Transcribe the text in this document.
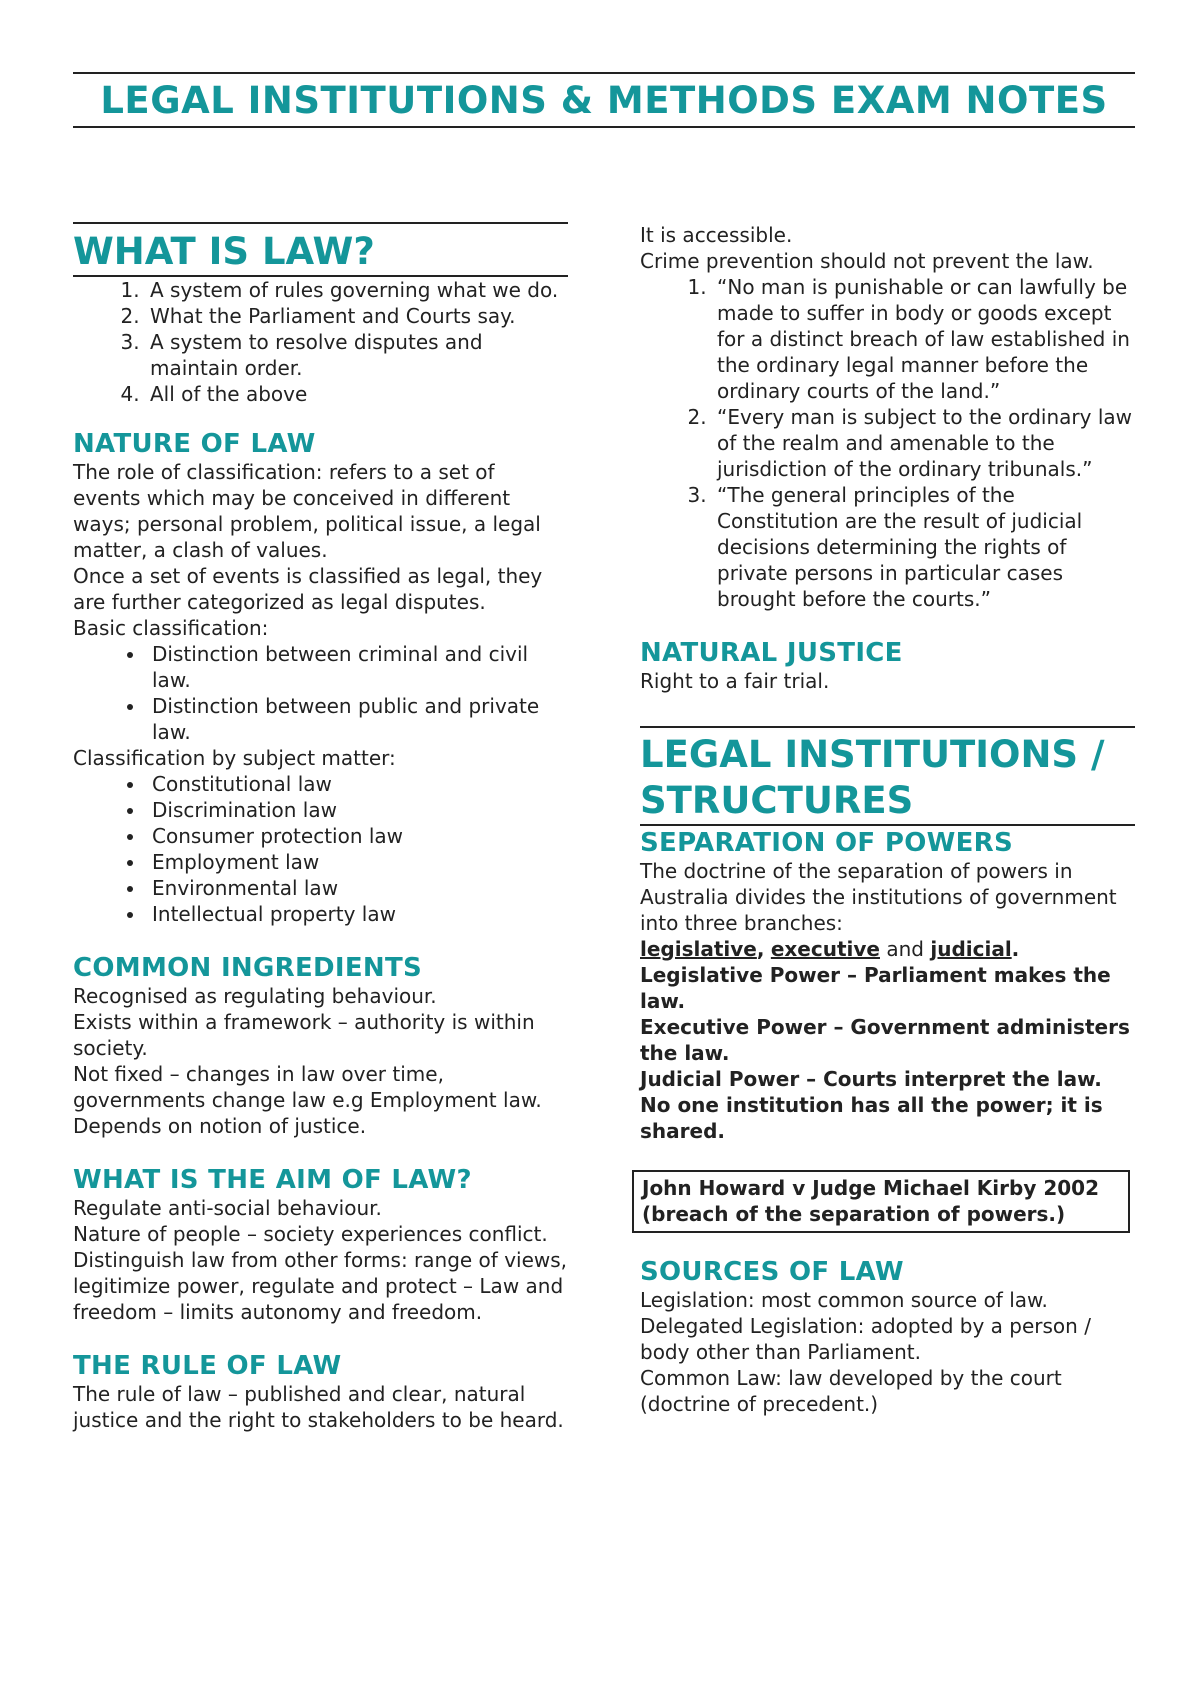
LEGAL INSTITUTIONS & METHODS EXAM NOTES
WHAT IS LAW?
1. A system of rules governing what we do.
2. What the Parliament and Courts say.
3. A system to resolve disputes and maintain order.
4. All of the above
NATURE OF LAW

The role of classification: refers to a set of events which may be conceived in different ways; personal problem, political issue, a legal matter, a clash of values.

Once a set of events is classified as legal, they are further categorized as legal disputes.

Basic classification:

• Distinction between criminal and civil law.
• Distinction between public and private law.

Classification by subject matter:

• Constitutional law
• Discrimination law
• Consumer protection law
• Employment law
• Environmental law
• Intellectual property law
COMMON INGREDIENTS

Recognised as regulating behaviour.

Exists within a framework – authority is within society.

Not fixed – changes in law over time, governments change law e.g Employment law.

Depends on notion of justice.

WHAT IS THE AIM OF LAW?

Regulate anti-social behaviour.

Nature of people – society experiences conflict.

Distinguish law from other forms: range of views, legitimize power, regulate and protect – Law and freedom – limits autonomy and freedom.

THE RULE OF LAW

The rule of law – published and clear, natural justice and the right to stakeholders to be heard.

It is accessible.

Crime prevention should not prevent the law.

1. “No man is punishable or can lawfully be made to suffer in body or goods except for a distinct breach of law established in the ordinary legal manner before the ordinary courts of the land.”
2. “Every man is subject to the ordinary law of the realm and amenable to the jurisdiction of the ordinary tribunals.”
3. “The general principles of the Constitution are the result of judicial decisions determining the rights of private persons in particular cases brought before the courts.”
NATURAL JUSTICE

Right to a fair trial.

LEGAL INSTITUTIONS / STRUCTURES
SEPARATION OF POWERS

The doctrine of the separation of powers in Australia divides the institutions of government into three branches:

legislative, executive and judicial.

Legislative Power – Parliament makes the law.

Executive Power – Government administers the law.

Judicial Power – Courts interpret the law.

No one institution has all the power; it is shared.

John Howard v Judge Michael Kirby 2002 (breach of the separation of powers.)
SOURCES OF LAW

Legislation: most common source of law.

Delegated Legislation: adopted by a person / body other than Parliament.

Common Law: law developed by the court (doctrine of precedent.)
